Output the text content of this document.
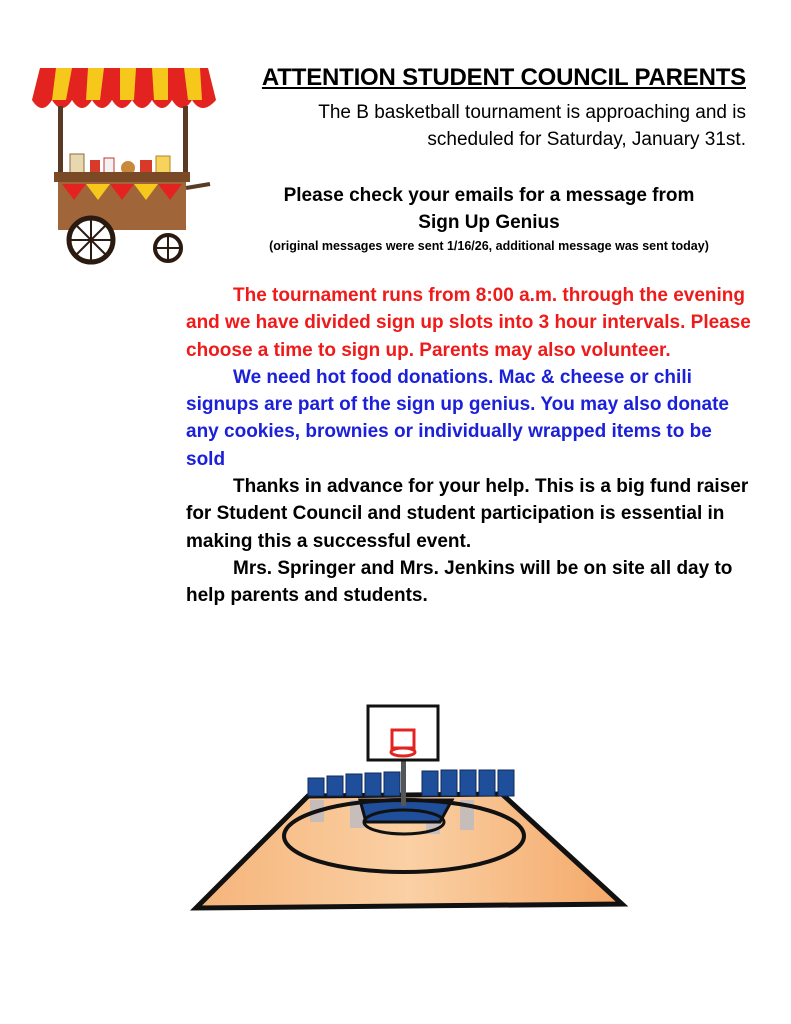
ATTENTION STUDENT COUNCIL PARENTS
The B basketball tournament is approaching and is
scheduled for Saturday, January 31st.
Please check your emails for a message from
Sign Up Genius
(original messages were sent 1/16/26, additional message was sent today)

The tournament runs from 8:00 a.m. through the evening and we have divided sign up slots into 3 hour intervals. Please choose a time to sign up. Parents may also volunteer.

We need hot food donations. Mac & cheese or chili signups are part of the sign up genius. You may also donate any cookies, brownies or individually wrapped items to be sold

Thanks in advance for your help. This is a big fund raiser for Student Council and student participation is essential in making this a successful event.

Mrs. Springer and Mrs. Jenkins will be on site all day to help parents and students.
